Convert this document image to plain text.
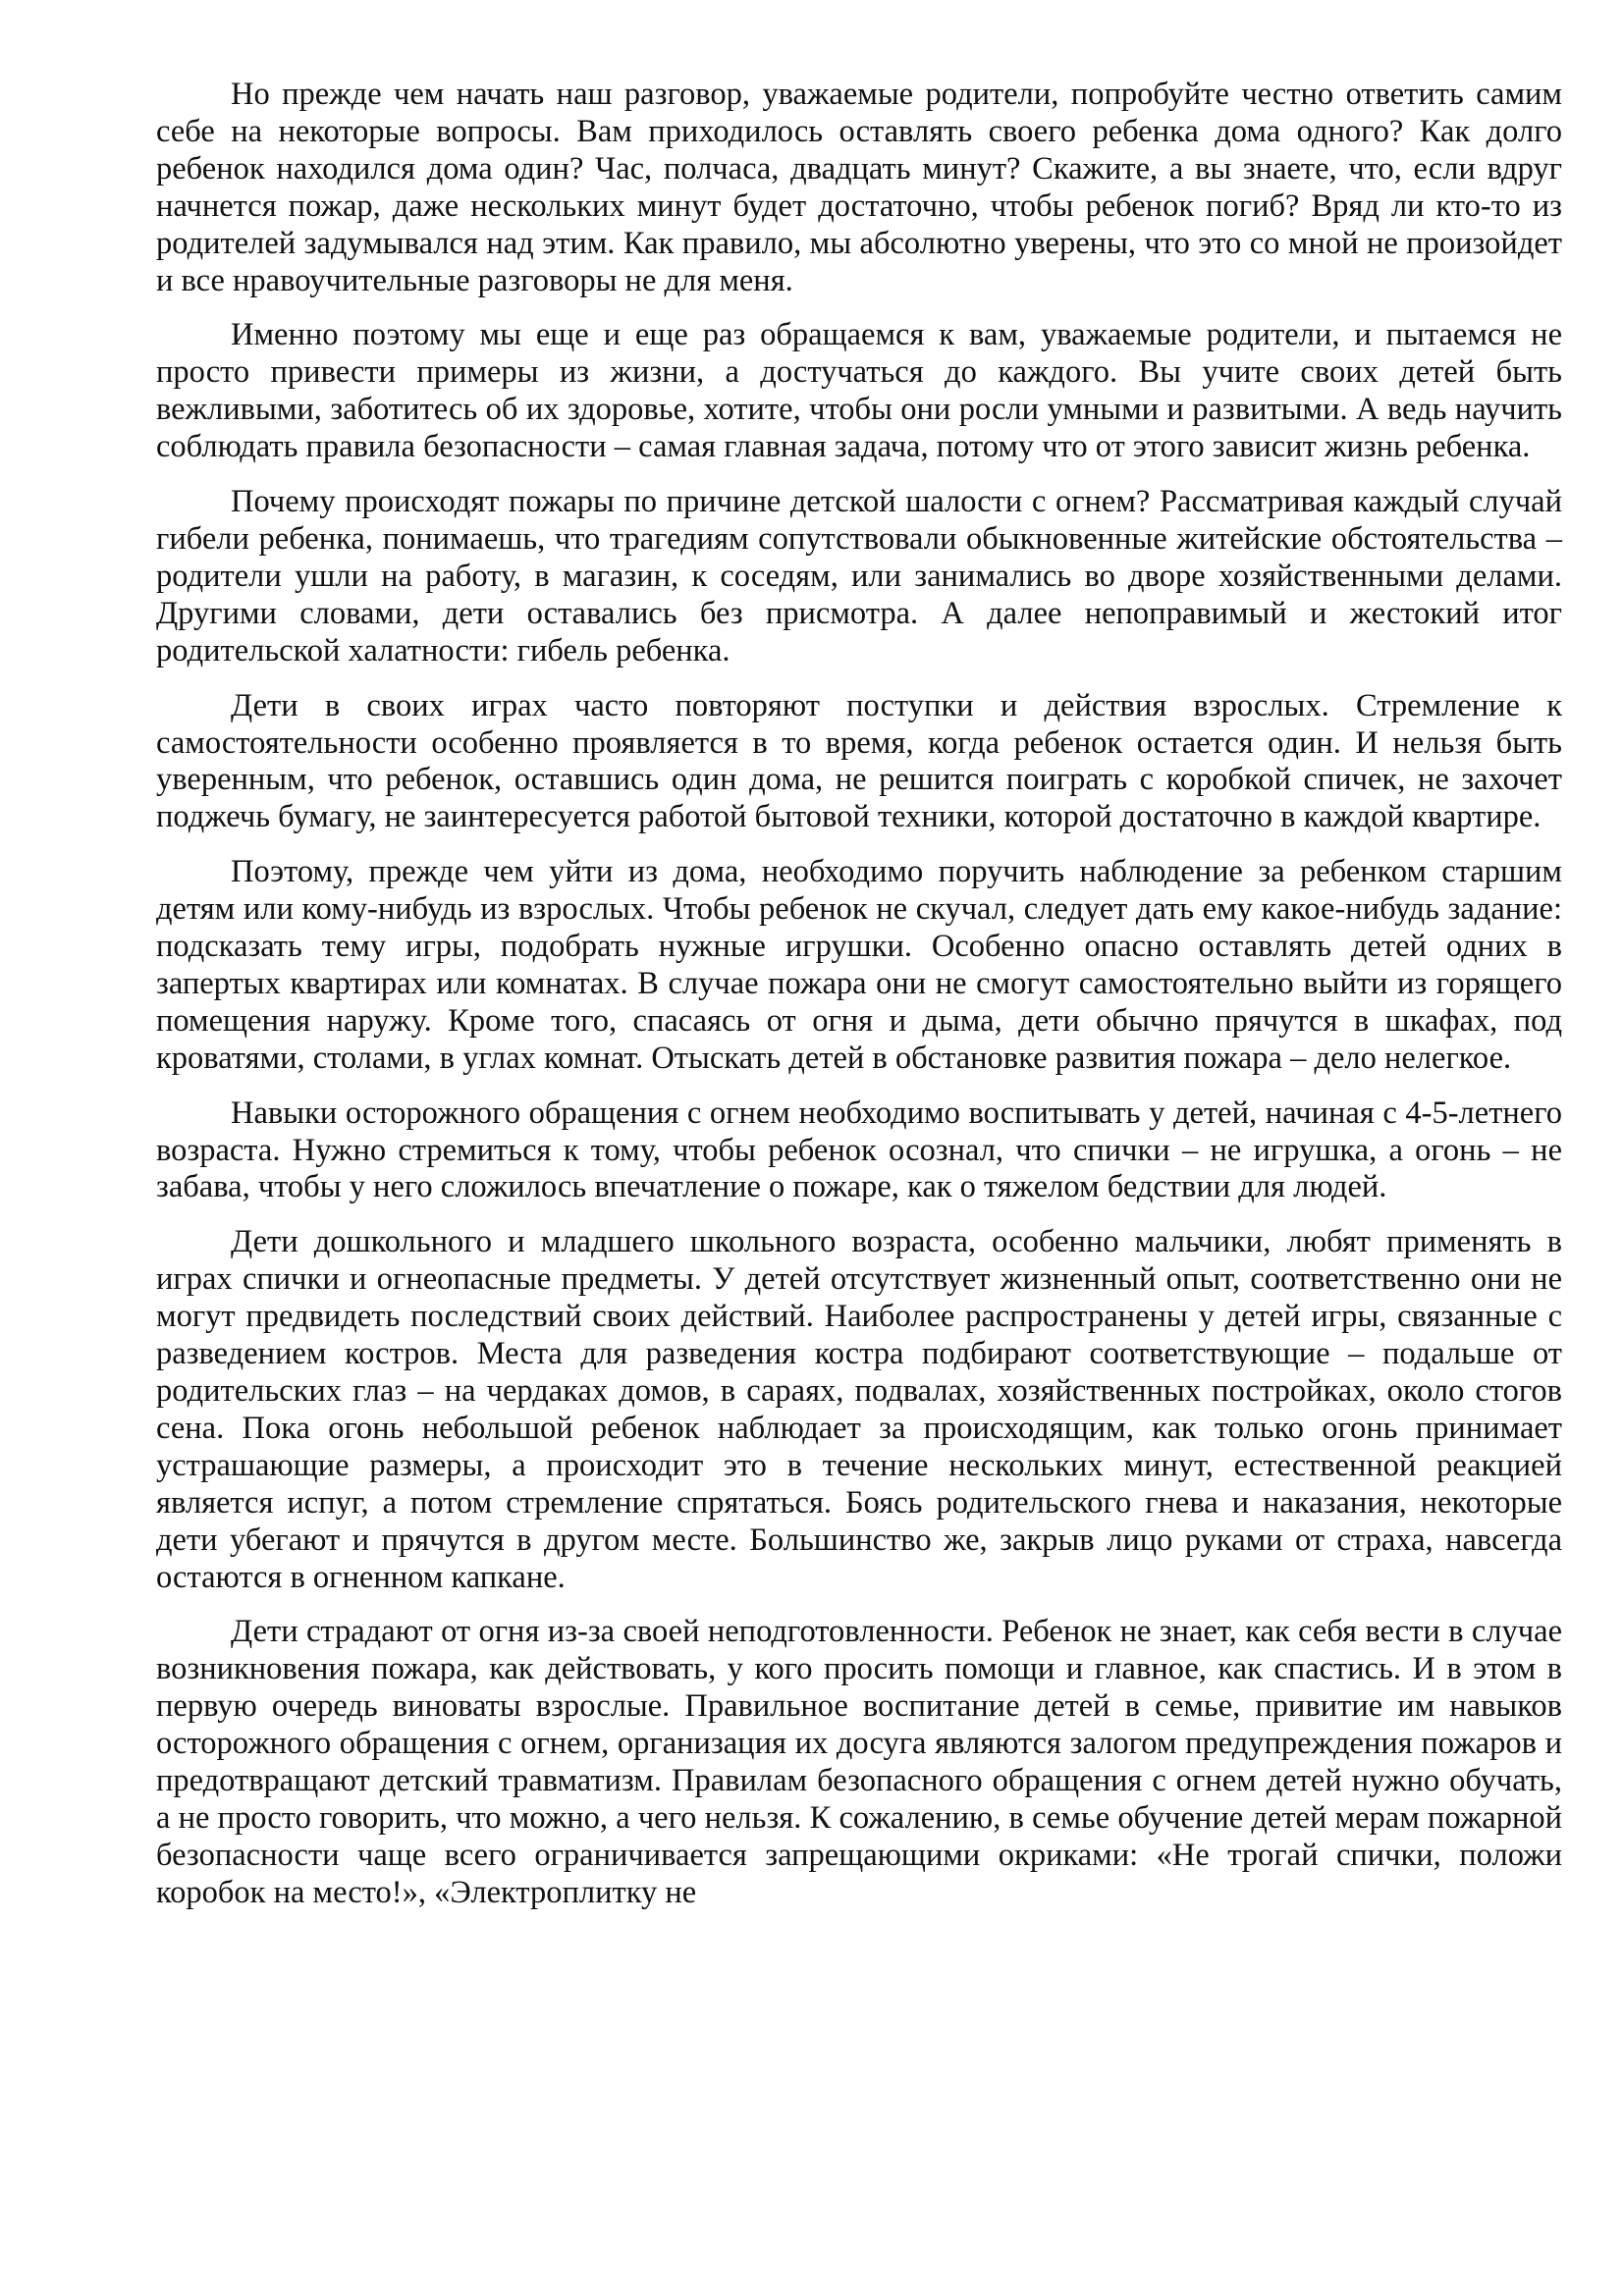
Но прежде чем начать наш разговор, уважаемые родители, попробуйте честно ответить самим себе на некоторые вопросы. Вам приходилось оставлять своего ребенка дома одного? Как долго ребенок находился дома один? Час, полчаса, двадцать минут? Скажите, а вы знаете, что, если вдруг начнется пожар, даже нескольких минут будет достаточно, чтобы ребенок погиб? Вряд ли кто-то из родителей задумывался над этим. Как правило, мы абсолютно уверены, что это со мной не произойдет и все нравоучительные разговоры не для меня.

Именно поэтому мы еще и еще раз обращаемся к вам, уважаемые родители, и пытаемся не просто привести примеры из жизни, а достучаться до каждого. Вы учите своих детей быть вежливыми, заботитесь об их здоровье, хотите, чтобы они росли умными и развитыми. А ведь научить соблюдать правила безопасности – самая главная задача, потому что от этого зависит жизнь ребенка.

Почему происходят пожары по причине детской шалости с огнем? Рассматривая каждый случай гибели ребенка, понимаешь, что трагедиям сопутствовали обыкновенные житейские обстоятельства – родители ушли на работу, в магазин, к соседям, или занимались во дворе хозяйственными делами. Другими словами, дети оставались без присмотра. А далее непоправимый и жестокий итог родительской халатности: гибель ребенка.

Дети в своих играх часто повторяют поступки и действия взрослых. Стремление к самостоятельности особенно проявляется в то время, когда ребенок остается один. И нельзя быть уверенным, что ребенок, оставшись один дома, не решится поиграть с коробкой спичек, не захочет поджечь бумагу, не заинтересуется работой бытовой техники, которой достаточно в каждой квартире.

Поэтому, прежде чем уйти из дома, необходимо поручить наблюдение за ребенком старшим детям или кому-нибудь из взрослых. Чтобы ребенок не скучал, следует дать ему какое-нибудь задание: подсказать тему игры, подобрать нужные игрушки. Особенно опасно оставлять детей одних в запертых квартирах или комнатах. В случае пожара они не смогут самостоятельно выйти из горящего помещения наружу. Кроме того, спасаясь от огня и дыма, дети обычно прячутся в шкафах, под кроватями, столами, в углах комнат. Отыскать детей в обстановке развития пожара – дело нелегкое.

Навыки осторожного обращения с огнем необходимо воспитывать у детей, начиная с 4-5-летнего возраста. Нужно стремиться к тому, чтобы ребенок осознал, что спички – не игрушка, а огонь – не забава, чтобы у него сложилось впечатление о пожаре, как о тяжелом бедствии для людей.

Дети дошкольного и младшего школьного возраста, особенно мальчики, любят применять в играх спички и огнеопасные предметы. У детей отсутствует жизненный опыт, соответственно они не могут предвидеть последствий своих действий. Наиболее распространены у детей игры, связанные с разведением костров. Места для разведения костра подбирают соответствующие – подальше от родительских глаз – на чердаках домов, в сараях, подвалах, хозяйственных постройках, около стогов сена. Пока огонь небольшой ребенок наблюдает за происходящим, как только огонь принимает устрашающие размеры, а происходит это в течение нескольких минут, естественной реакцией является испуг, а потом стремление спрятаться. Боясь родительского гнева и наказания, некоторые дети убегают и прячутся в другом месте. Большинство же, закрыв лицо руками от страха, навсегда остаются в огненном капкане.

Дети страдают от огня из-за своей неподготовленности. Ребенок не знает, как себя вести в случае возникновения пожара, как действовать, у кого просить помощи и главное, как спастись. И в этом в первую очередь виноваты взрослые. Правильное воспитание детей в семье, привитие им навыков осторожного обращения с огнем, организация их досуга являются залогом предупреждения пожаров и предотвращают детский травматизм. Правилам безопасного обращения с огнем детей нужно обучать, а не просто говорить, что можно, а чего нельзя. К сожалению, в семье обучение детей мерам пожарной безопасности чаще всего ограничивается запрещающими окриками: «Не трогай спички, положи коробок на место!», «Электроплитку не
